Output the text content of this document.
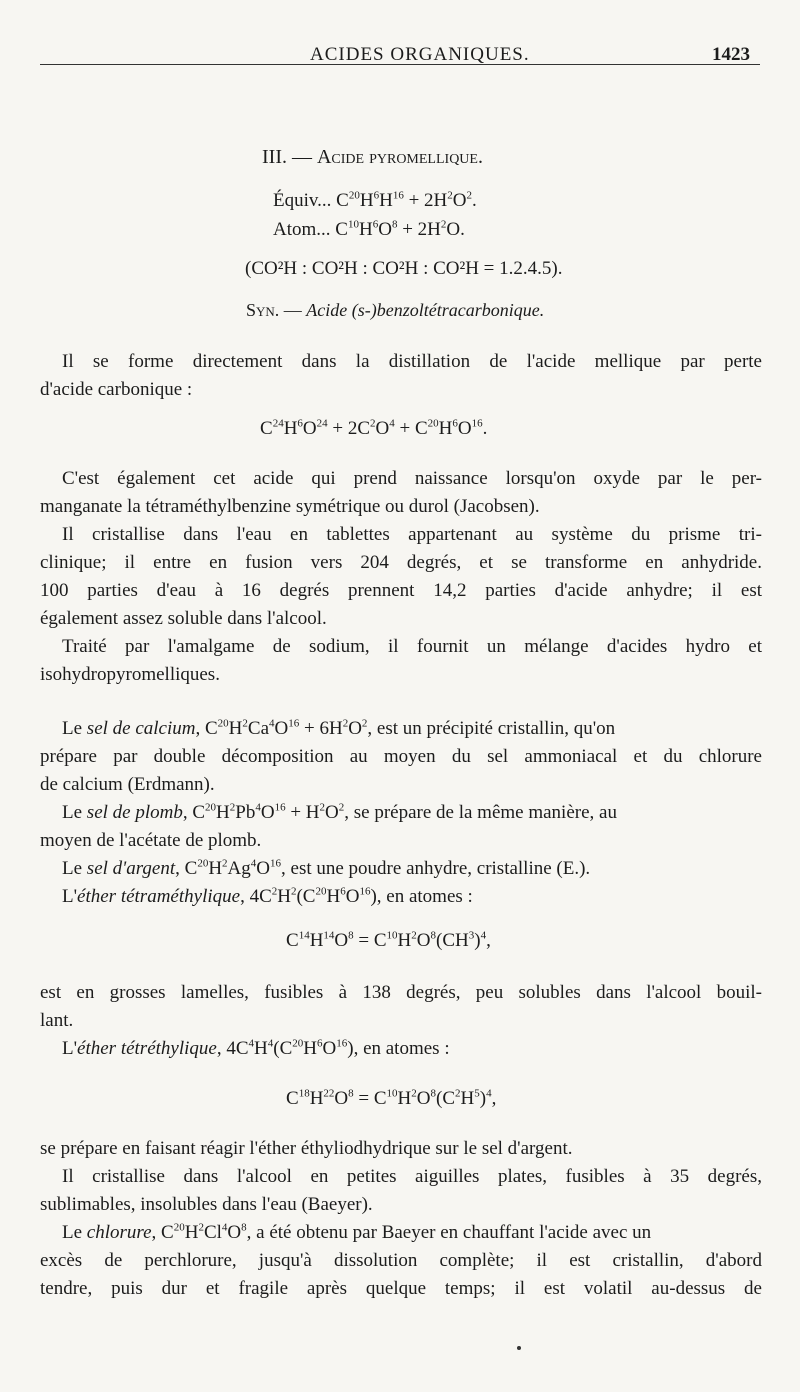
ACIDES ORGANIQUES.	1423
III. — Acide pyromellique.
Équiv... $C^{20}H^6H^{16} + 2H^2O^2$.
Atom... $C^{10}H^6O^8 + 2H^2O$.
(CO²H : CO²H : CO²H : CO²H = 1.2.4.5).
Syn. — Acide (s-)benzoltétracarbonique.
Il se forme directement dans la distillation de l'acide mellique par perte
d'acide carbonique :
$C^{24}H^6O^{24} + 2C^2O^4 + C^{20}H^6O^{16}$.
C'est également cet acide qui prend naissance lorsqu'on oxyde par le per-
manganate la tétraméthylbenzine symétrique ou durol (Jacobsen).
Il cristallise dans l'eau en tablettes appartenant au système du prisme tri-
clinique; il entre en fusion vers 204 degrés, et se transforme en anhydride.
100 parties d'eau à 16 degrés prennent 14,2 parties d'acide anhydre; il est
également assez soluble dans l'alcool.
Traité par l'amalgame de sodium, il fournit un mélange d'acides hydro et
isohydropyromelliques.
Le sel de calcium, $C^{20}H^2Ca^4O^{16} + 6H^2O^2$, est un précipité cristallin, qu'on
prépare par double décomposition au moyen du sel ammoniacal et du chlorure
de calcium (Erdmann).
Le sel de plomb, $C^{20}H^2Pb^4O^{16} + H^2O^2$, se prépare de la même manière, au
moyen de l'acétate de plomb.
Le sel d'argent, $C^{20}H^2Ag^4O^{16}$, est une poudre anhydre, cristalline (E.).
L'éther tétraméthylique, $4C^2H^2(C^{20}H^6O^{16})$, en atomes :
$C^{14}H^{14}O^8 = C^{10}H^2O^8(CH^3)^4$,
est en grosses lamelles, fusibles à 138 degrés, peu solubles dans l'alcool bouil-
lant.
L'éther tétréthylique, $4C^4H^4(C^{20}H^6O^{16})$, en atomes :
$C^{18}H^{22}O^8 = C^{10}H^2O^8(C^2H^5)^4$,
se prépare en faisant réagir l'éther éthyliodhydrique sur le sel d'argent.
Il cristallise dans l'alcool en petites aiguilles plates, fusibles à 35 degrés,
sublimables, insolubles dans l'eau (Baeyer).
Le chlorure, $C^{20}H^2Cl^4O^8$, a été obtenu par Baeyer en chauffant l'acide avec un
excès de perchlorure, jusqu'à dissolution complète; il est cristallin, d'abord
tendre, puis dur et fragile après quelque temps; il est volatil au-dessus de
